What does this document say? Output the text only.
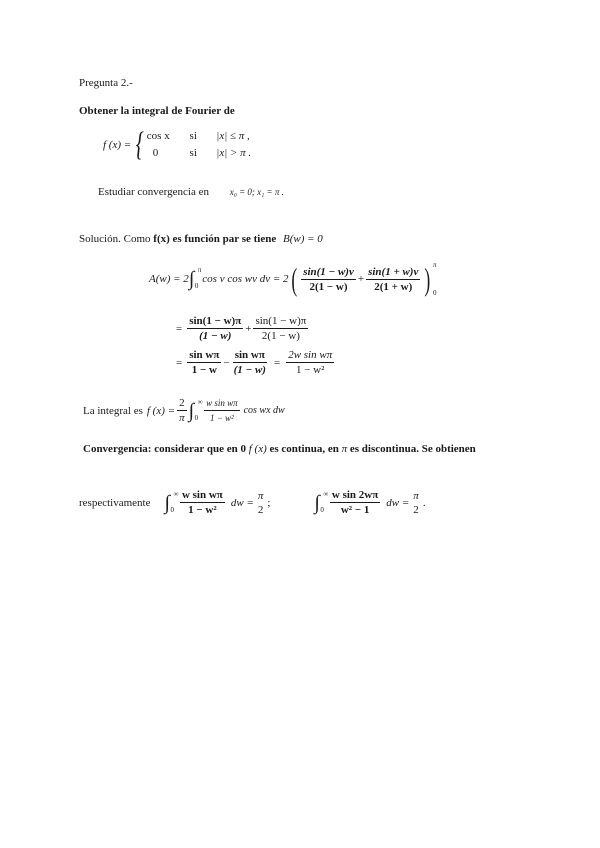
Pregunta 2.-
Obtener la integral de Fourier de
f (x) = { cos x si |x| ≤ π ,
0	si |x| > π .
Estudiar convergencia en x₀ = 0; x₁ = π .
Solución. Como f(x) es función par se tiene B(w) = 0
A(w) = 2 ∫ π
0
cos v cos wv dv = 2 ( $\frac{\sin(1 - w)v}{2(1 - w)} + \frac{\sin(1 + w)v}{2(1 + w)}$ ) π
0
= $\frac{\sin(1 - w)\pi}{(1 - w)} + \frac{\sin(1 - w)\pi}{2(1 - w)}$
= $\frac{\text{sin wπ}}{1 - w} - \frac{\text{sin wπ}}{(1 - w)} = \frac{\text{2w sin wπ}}{\text{1 − w²}}$
La integral es f $(x) = \frac{2}{\pi}$ ∫ ∞
$0 \frac{\text{w sin wπ}}{\text{1 − w²}}$ cos wx dw
Convergencia: considerar que en 0 f (x) es continua, en π es discontinua. Se obtienen
respectivamente ∫ ∞
$0 \frac{\text{w sin wπ}}{\text{1 − w²}}$ dw =
π
2
; ∫ ∞
$0 \frac{\text{w sin 2wπ}}{\text{w² − 1}}$ dw =
π
2
.
